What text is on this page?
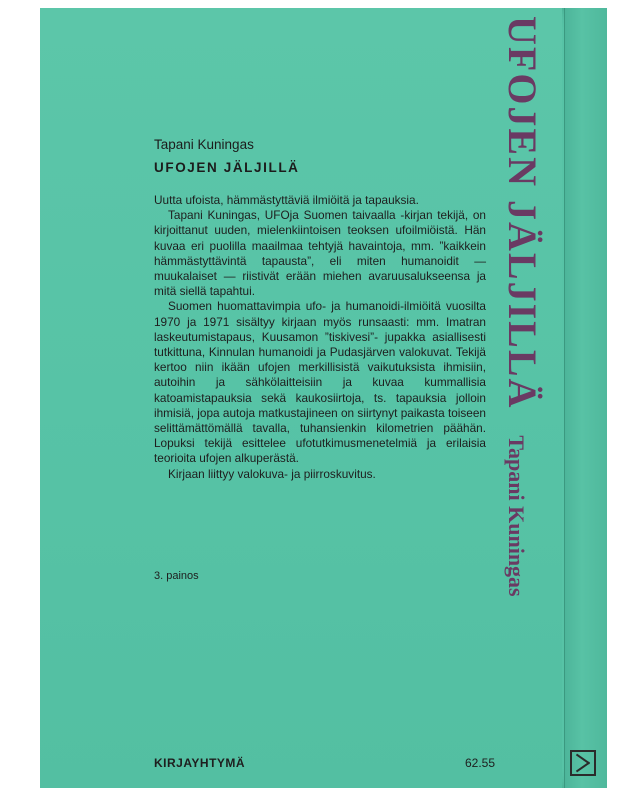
UFOJEN JÄLJILLÄTapani Kuningas
Tapani Kuningas
UFOJEN JÄLJILLÄ

Uutta ufoista, hämmästyttäviä ilmiöitä ja tapauksia.

Tapani Kuningas, UFOja Suomen taivaalla -kirjan tekijä, on kirjoittanut uuden, mielenkiintoisen teoksen ufoilmiöistä. Hän kuvaa eri puolilla maailmaa tehtyjä havaintoja, mm. ”kaikkein hämmästyttävintä tapausta”, eli miten humanoidit — muukalaiset — riistivät erään miehen avaruusalukseensa ja mitä siellä tapahtui.

Suomen huomattavimpia ufo- ja humanoidi-ilmiöitä vuosilta 1970 ja 1971 sisältyy kirjaan myös runsaasti: mm. Imatran laskeutumistapaus, Kuusamon ”tiskivesi”- jupakka asiallisesti tutkittuna, Kinnulan humanoidi ja Pudasjärven valokuvat. Tekijä kertoo niin ikään ufojen merkillisistä vaikutuksista ihmisiin, autoihin ja sähkölaitteisiin ja kuvaa kummallisia katoamistapauksia sekä kaukosiirtoja, ts. tapauksia jolloin ihmisiä, jopa autoja matkustajineen on siirtynyt paikasta toiseen selittämättömällä tavalla, tuhansienkin kilometrien päähän. Lopuksi tekijä esittelee ufotutkimusmenetelmiä ja erilaisia teorioita ufojen alkuperästä.

Kirjaan liittyy valokuva- ja piirroskuvitus.

3. painos
KIRJAYHTYMÄ	62.55
